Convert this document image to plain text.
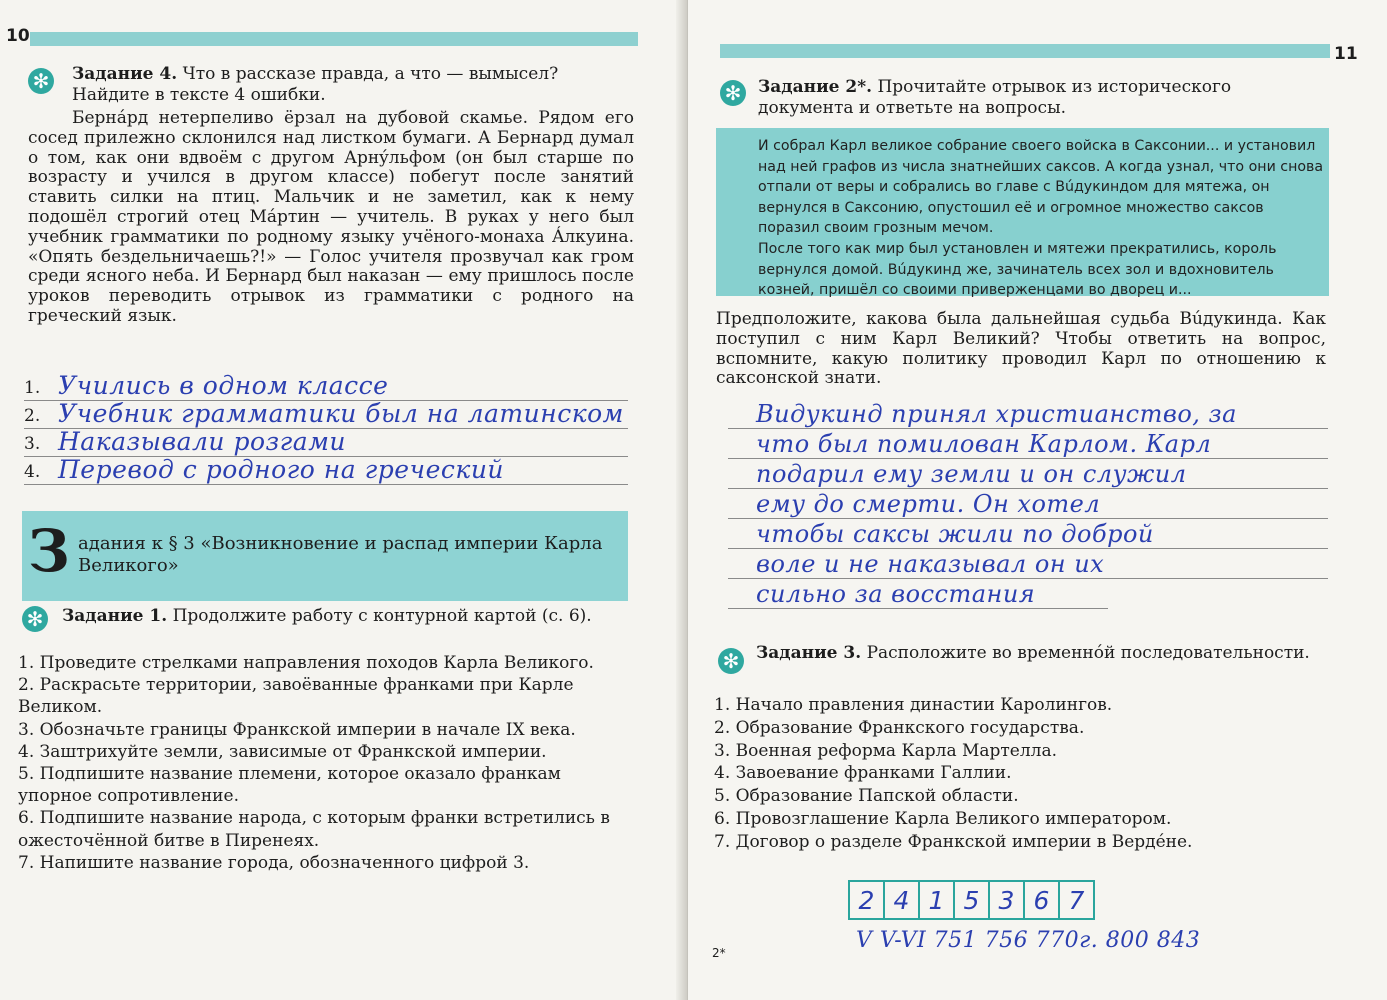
10
✻ Задание 4. Что в рассказе правда, а что — вымысел? Найдите в тексте 4 ошибки.

Бернáрд нетерпеливо ёрзал на дубовой скамье. Рядом его сосед прилежно склонился над листком бумаги. А Бернард думал о том, как они вдвоём с другом Арнýльфом (он был старше по возрасту и учился в другом классе) побегут после занятий ставить силки на птиц. Мальчик и не заметил, как к нему подошёл строгий отец Мáртин — учитель. В руках у него был учебник грамматики по родному языку учёного-монаха Áлкуина. «Опять бездельничаешь?!» — Голос учителя прозвучал как гром среди ясного неба. И Бернард был наказан — ему пришлось после уроков переводить отрывок из грамматики с родного на греческий язык.

1. Учились в одном классе
2. Учебник грамматики был на латинском
3. Наказывали розгами
4. Перевод с родного на греческий
З адания к § 3 «Возникновение и распад империи Карла Великого»
✻ Задание 1. Продолжите работу с контурной картой (с. 6).
1. Проведите стрелками направления походов Карла Великого.
2. Раскрасьте территории, завоёванные франками при Карле Великом.
3. Обозначьте границы Франкской империи в начале IX века.
4. Заштрихуйте земли, зависимые от Франкской империи.
5. Подпишите название племени, которое оказало франкам упорное сопротивление.
6. Подпишите название народа, с которым франки встретились в ожесточённой битве в Пиренеях.
7. Напишите название города, обозначенного цифрой 3.
11
✻ Задание 2*. Прочитайте отрывок из исторического документа и ответьте на вопросы.

И собрал Карл великое собрание своего войска в Саксонии... и установил над ней графов из числа знатнейших саксов. А когда узнал, что они снова отпали от веры и собрались во главе с Вúдукиндом для мятежа, он вернулся в Саксонию, опустошил её и огромное множество саксов поразил своим грозным мечом.

После того как мир был установлен и мятежи прекратились, король вернулся домой. Вúдукинд же, зачинатель всех зол и вдохновитель козней, пришёл со своими приверженцами во дворец и...

Предположите, какова была дальнейшая судьба Вúдукинда. Как поступил с ним Карл Великий? Чтобы ответить на вопрос, вспомните, какую политику проводил Карл по отношению к саксонской знати.

Видукинд принял христианство, за
что был помилован Карлом. Карл
подарил ему земли и он служил
ему до смерти. Он хотел
чтобы саксы жили по доброй
воле и не наказывал он их
сильно за восстания
✻ Задание 3. Расположите во временнóй последовательности.
1. Начало правления династии Каролингов.
2. Образование Франкского государства.
3. Военная реформа Карла Мартелла.
4. Завоевание франками Галлии.
5. Образование Папской области.
6. Провозглашение Карла Великого императором.
7. Договор о разделе Франкской империи в Вердéне.
2 4 1 5 3 6 7
V V-VI 751 756 770г. 800 843
2*
